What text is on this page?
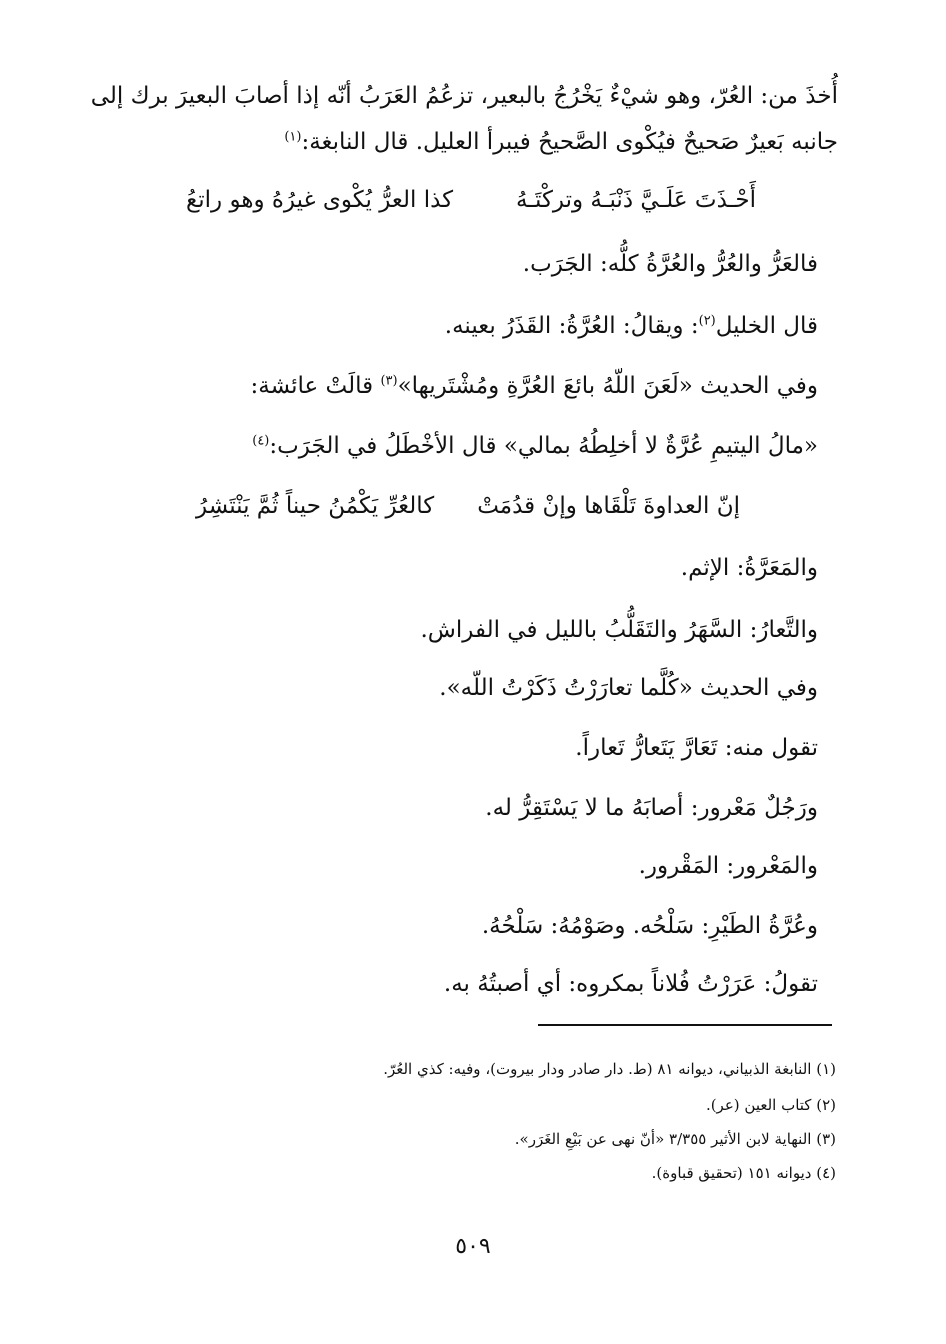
أُخذَ من: العُرّ، وهو شيْءٌ يَخْرُجُ بالبعير، تزعُمُ العَرَبُ أنّه إذا أصابَ البعيرَ برك إلى
جانبه بَعيرٌ صَحيحٌ فيُكْوى الصَّحيحُ فيبرأ العليل. قال النابغة:$^{(١)}$
أَحْـذَتَ عَلَـيَّ ذَنْبَـهُ وتركْتَـهُ
كذا العرُّ يُكْوى غيرُهُ وهو راتعُ
فالعَرُّ والعُرُّ والعُرَّةُ كلُّه: الجَرَب.
قال الخليل$^{(٢)}$: ويقالُ: العُرَّةُ: القَذَرُ بعينه.
وفي الحديث «لَعَنَ اللّهُ بائعَ العُرَّةِ ومُشْتَريها»$^{(٣)}$ قالَتْ عائشة:
«مالُ اليتيمِ عُرَّةٌ لا أخلِطُهُ بمالي» قال الأخْطَلُ في الجَرَب:$^{(٤)}$
إنّ العداوةَ تَلْقَاها وإنْ قدُمَتْ
كالعُرِّ يَكْمُنُ حيناً ثُمَّ يَنْتَشِرُ
والمَعَرَّةُ: الإثم.
والتَّعارُ: السَّهَرُ والتَقَلُّبُ بالليل في الفراش.
وفي الحديث «كُلَّما تعارَرْتُ ذَكَرْتُ اللّه».
تقول منه: تَعَارَّ يَتَعارُّ تَعاراً.
ورَجُلٌ مَعْرور: أصابَهُ ما لا يَسْتَقِرُّ له.
والمَعْرور: المَقْرور.
وعُرَّةُ الطَيْرِ: سَلْحُه. وصَوْمُهُ: سَلْحُهُ.
تقولُ: عَرَرْتُ فُلاناً بمكروه: أي أصبتُهُ به.
(١) النابغة الذبياني، ديوانه ٨١ (ط. دار صادر ودار بيروت)، وفيه: كذي العُرّ.
(٢) كتاب العين (عر).
(٣) النهاية لابن الأثير ٣/٣٥٥ «أنّ نهى عن بَيْعِ الغَرَر».
(٤) ديوانه ١٥١ (تحقيق قباوة).
٥٠٩
